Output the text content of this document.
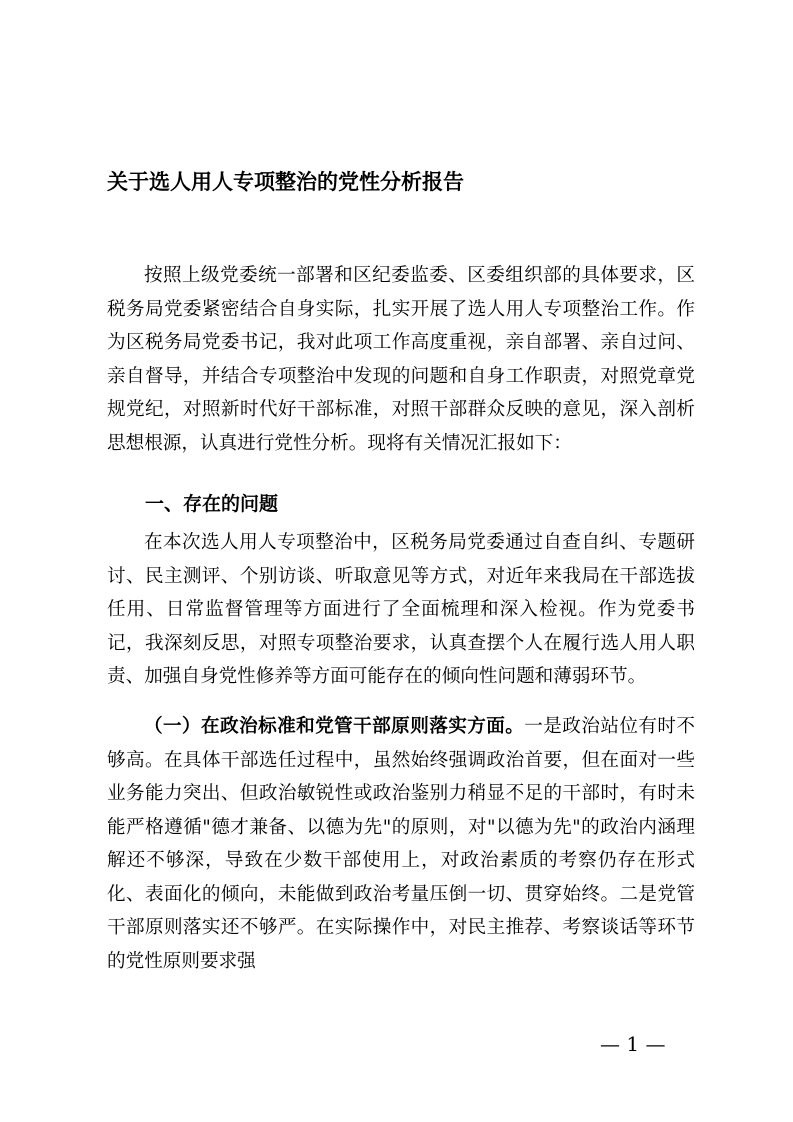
关于选人用人专项整治的党性分析报告

按照上级党委统一部署和区纪委监委、区委组织部的具体要求，区税务局党委紧密结合自身实际，扎实开展了选人用人专项整治工作。作为区税务局党委书记，我对此项工作高度重视，亲自部署、亲自过问、亲自督导，并结合专项整治中发现的问题和自身工作职责，对照党章党规党纪，对照新时代好干部标准，对照干部群众反映的意见，深入剖析思想根源，认真进行党性分析。现将有关情况汇报如下：

一、存在的问题

在本次选人用人专项整治中，区税务局党委通过自查自纠、专题研讨、民主测评、个别访谈、听取意见等方式，对近年来我局在干部选拔任用、日常监督管理等方面进行了全面梳理和深入检视。作为党委书记，我深刻反思，对照专项整治要求，认真查摆个人在履行选人用人职责、加强自身党性修养等方面可能存在的倾向性问题和薄弱环节。

（一）在政治标准和党管干部原则落实方面。一是政治站位有时不够高。在具体干部选任过程中，虽然始终强调政治首要，但在面对一些业务能力突出、但政治敏锐性或政治鉴别力稍显不足的干部时，有时未能严格遵循"德才兼备、以德为先"的原则，对"以德为先"的政治内涵理解还不够深，导致在少数干部使用上，对政治素质的考察仍存在形式化、表面化的倾向，未能做到政治考量压倒一切、贯穿始终。二是党管干部原则落实还不够严。在实际操作中，对民主推荐、考察谈话等环节的党性原则要求强

— 1 —
